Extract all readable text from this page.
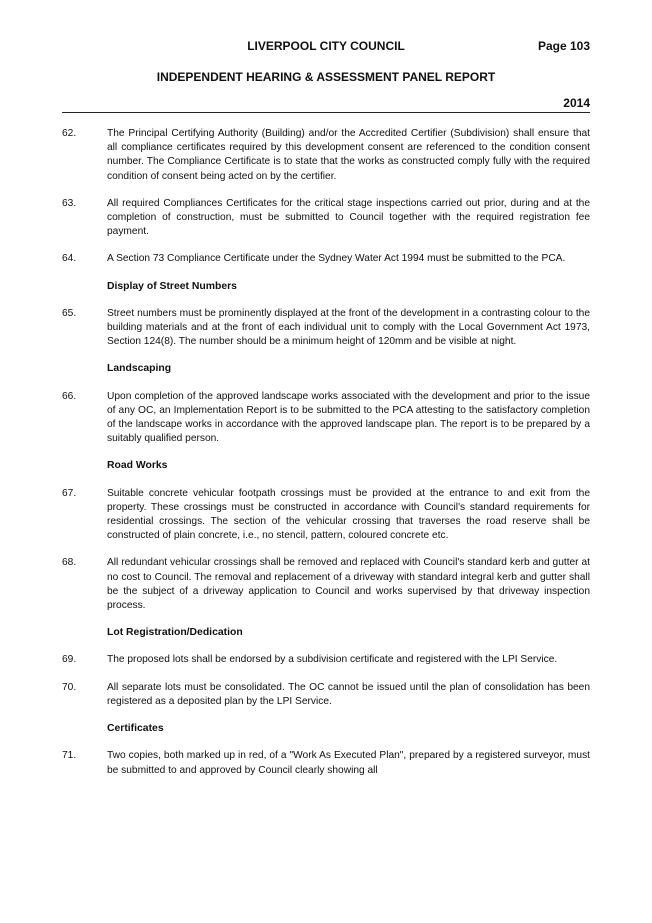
LIVERPOOL CITY COUNCIL	Page 103
INDEPENDENT HEARING & ASSESSMENT PANEL REPORT
2014
62.	The Principal Certifying Authority (Building) and/or the Accredited Certifier (Subdivision) shall ensure that all compliance certificates required by this development consent are referenced to the condition consent number. The Compliance Certificate is to state that the works as constructed comply fully with the required condition of consent being acted on by the certifier.
63.	All required Compliances Certificates for the critical stage inspections carried out prior, during and at the completion of construction, must be submitted to Council together with the required registration fee payment.
64.	A Section 73 Compliance Certificate under the Sydney Water Act 1994 must be submitted to the PCA.
Display of Street Numbers
65.	Street numbers must be prominently displayed at the front of the development in a contrasting colour to the building materials and at the front of each individual unit to comply with the Local Government Act 1973, Section 124(8). The number should be a minimum height of 120mm and be visible at night.
Landscaping
66.	Upon completion of the approved landscape works associated with the development and prior to the issue of any OC, an Implementation Report is to be submitted to the PCA attesting to the satisfactory completion of the landscape works in accordance with the approved landscape plan. The report is to be prepared by a suitably qualified person.
Road Works
67.	Suitable concrete vehicular footpath crossings must be provided at the entrance to and exit from the property. These crossings must be constructed in accordance with Council's standard requirements for residential crossings. The section of the vehicular crossing that traverses the road reserve shall be constructed of plain concrete, i.e., no stencil, pattern, coloured concrete etc.
68.	All redundant vehicular crossings shall be removed and replaced with Council's standard kerb and gutter at no cost to Council. The removal and replacement of a driveway with standard integral kerb and gutter shall be the subject of a driveway application to Council and works supervised by that driveway inspection process.
Lot Registration/Dedication
69.	The proposed lots shall be endorsed by a subdivision certificate and registered with the LPI Service.
70.	All separate lots must be consolidated. The OC cannot be issued until the plan of consolidation has been registered as a deposited plan by the LPI Service.
Certificates
71.	Two copies, both marked up in red, of a "Work As Executed Plan", prepared by a registered surveyor, must be submitted to and approved by Council clearly showing all
